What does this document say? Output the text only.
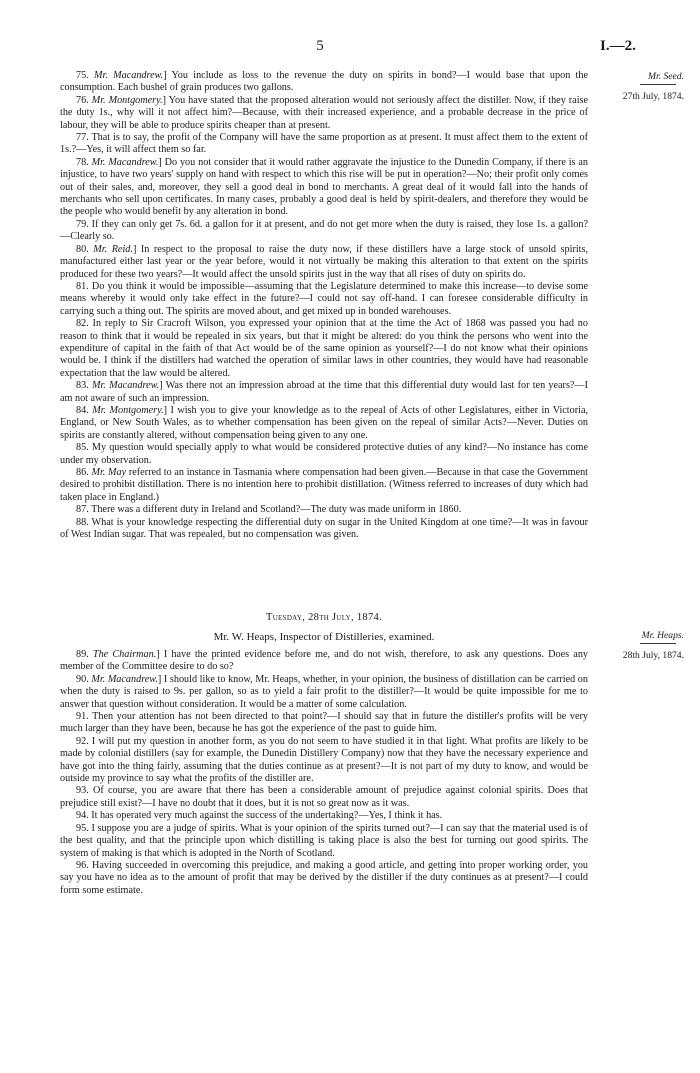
5	I.—2.
Mr. Seed.
27th July, 1874.
75. Mr. Macandrew.] You include as loss to the revenue the duty on spirits in bond?—I would base that upon the consumption. Each bushel of grain produces two gallons.
76. Mr. Montgomery.] You have stated that the proposed alteration would not seriously affect the distiller. Now, if they raise the duty 1s., why will it not affect him?—Because, with their increased experience, and a probable decrease in the price of labour, they will be able to produce spirits cheaper than at present.
77. That is to say, the profit of the Company will have the same proportion as at present. It must affect them to the extent of 1s.?—Yes, it will affect them so far.
78. Mr. Macandrew.] Do you not consider that it would rather aggravate the injustice to the Dunedin Company, if there is an injustice, to have two years' supply on hand with respect to which this rise will be put in operation?—No; their profit only comes out of their sales, and, moreover, they sell a good deal in bond to merchants. A great deal of it would fall into the hands of merchants who sell upon certificates. In many cases, probably a good deal is held by spirit-dealers, and therefore they would be the people who would benefit by any alteration in bond.
79. If they can only get 7s. 6d. a gallon for it at present, and do not get more when the duty is raised, they lose 1s. a gallon?—Clearly so.
80. Mr. Reid.] In respect to the proposal to raise the duty now, if these distillers have a large stock of unsold spirits, manufactured either last year or the year before, would it not virtually be making this alteration to that extent on the spirits produced for these two years?—It would affect the unsold spirits just in the way that all rises of duty on spirits do.
81. Do you think it would be impossible—assuming that the Legislature determined to make this increase—to devise some means whereby it would only take effect in the future?—I could not say off-hand. I can foresee considerable difficulty in carrying such a thing out. The spirits are moved about, and get mixed up in bonded warehouses.
82. In reply to Sir Cracroft Wilson, you expressed your opinion that at the time the Act of 1868 was passed you had no reason to think that it would be repealed in six years, but that it might be altered: do you think the persons who went into the expenditure of capital in the faith of that Act would be of the same opinion as yourself?—I do not know what their opinions would be. I think if the distillers had watched the operation of similar laws in other countries, they would have had reasonable expectation that the law would be altered.
83. Mr. Macandrew.] Was there not an impression abroad at the time that this differential duty would last for ten years?—I am not aware of such an impression.
84. Mr. Montgomery.] I wish you to give your knowledge as to the repeal of Acts of other Legislatures, either in Victoria, England, or New South Wales, as to whether compensation has been given on the repeal of similar Acts?—Never. Duties on spirits are constantly altered, without compensation being given to any one.
85. My question would specially apply to what would be considered protective duties of any kind?—No instance has come under my observation.
86. Mr. May referred to an instance in Tasmania where compensation had been given.—Because in that case the Government desired to prohibit distillation. There is no intention here to prohibit distillation. (Witness referred to increases of duty which had taken place in England.)
87. There was a different duty in Ireland and Scotland?—The duty was made uniform in 1860.
88. What is your knowledge respecting the differential duty on sugar in the United Kingdom at one time?—It was in favour of West Indian sugar. That was repealed, but no compensation was given.
Tuesday, 28th July, 1874.
Mr. W. Heaps, Inspector of Distilleries, examined.	Mr. Heaps.
28th July, 1874.
89. The Chairman.] I have the printed evidence before me, and do not wish, therefore, to ask any questions. Does any member of the Committee desire to do so?
90. Mr. Macandrew.] I should like to know, Mr. Heaps, whether, in your opinion, the business of distillation can be carried on when the duty is raised to 9s. per gallon, so as to yield a fair profit to the distiller?—It would be quite impossible for me to answer that question without consideration. It would be a matter of some calculation.
91. Then your attention has not been directed to that point?—I should say that in future the distiller's profits will be very much larger than they have been, because he has got the experience of the past to guide him.
92. I will put my question in another form, as you do not seem to have studied it in that light. What profits are likely to be made by colonial distillers (say for example, the Dunedin Distillery Company) now that they have the necessary experience and have got into the thing fairly, assuming that the duties continue as at present?—It is not part of my duty to know, and would be outside my province to say what the profits of the distiller are.
93. Of course, you are aware that there has been a considerable amount of prejudice against colonial spirits. Does that prejudice still exist?—I have no doubt that it does, but it is not so great now as it was.
94. It has operated very much against the success of the undertaking?—Yes, I think it has.
95. I suppose you are a judge of spirits. What is your opinion of the spirits turned out?—I can say that the material used is of the best quality, and that the principle upon which distilling is taking place is also the best for turning out good spirits. The system of making is that which is adopted in the North of Scotland.
96. Having succeeded in overcoming this prejudice, and making a good article, and getting into proper working order, you say you have no idea as to the amount of profit that may be derived by the distiller if the duty continues as at present?—I could form some estimate.
